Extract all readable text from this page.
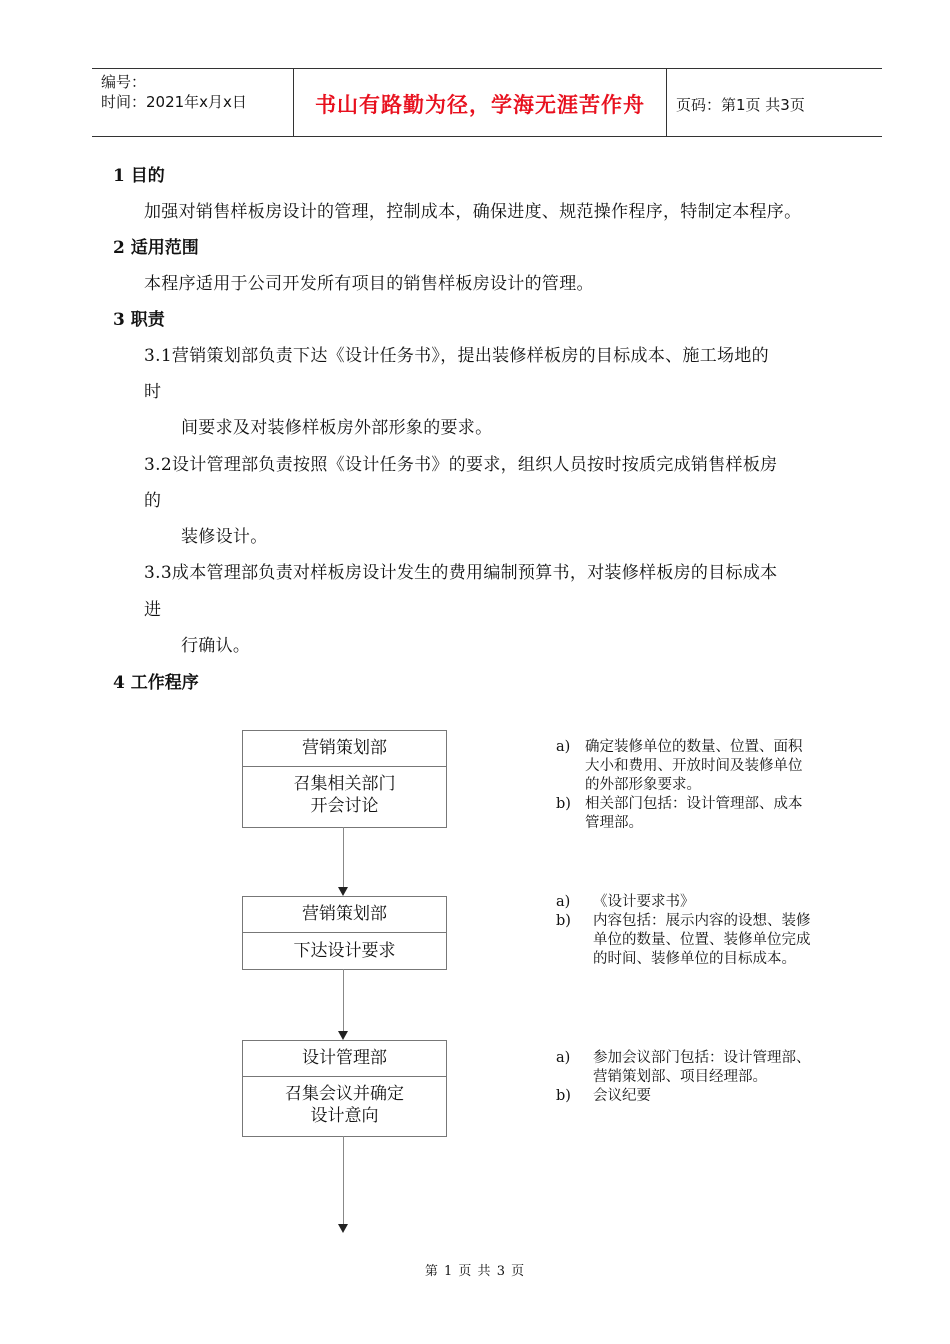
编号：
时间：2021年x月x日	书山有路勤为径，学海无涯苦作舟	页码：第1页 共3页
1 目的
加强对销售样板房设计的管理，控制成本，确保进度、规范操作程序，特制定本程序。
2 适用范围
本程序适用于公司开发所有项目的销售样板房设计的管理。
3 职责
3.1营销策划部负责下达《设计任务书》，提出装修样板房的目标成本、施工场地的
时
间要求及对装修样板房外部形象的要求。
3.2设计管理部负责按照《设计任务书》的要求，组织人员按时按质完成销售样板房
的
装修设计。
3.3成本管理部负责对样板房设计发生的费用编制预算书，对装修样板房的目标成本
进
行确认。
4 工作程序
营销策划部
召集相关部门
开会讨论
营销策划部
下达设计要求
设计管理部
召集会议并确定
设计意向
a) 确定装修单位的数量、位置、面积
大小和费用、开放时间及装修单位
的外部形象要求。
b) 相关部门包括：设计管理部、成本
管理部。
a) 《设计要求书》
b) 内容包括：展示内容的设想、装修
单位的数量、位置、装修单位完成
的时间、装修单位的目标成本。
a) 参加会议部门包括：设计管理部、
营销策划部、项目经理部。
b) 会议纪要
第 1 页 共 3 页
